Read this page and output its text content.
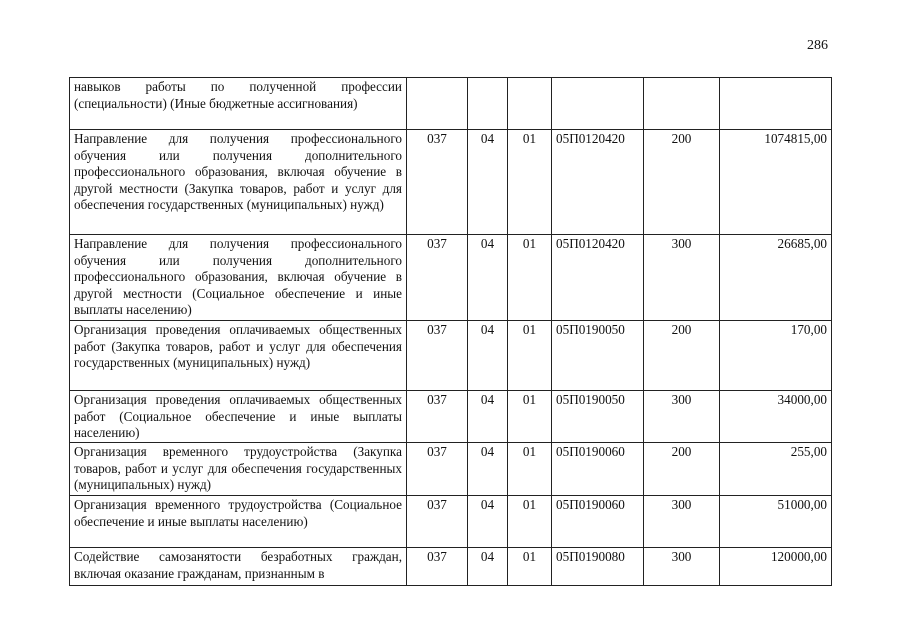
286
навыков работы по полученной профессии (специальности) (Иные бюджетные ассигнования)						
Направление для получения профессионального обучения или получения дополнительного профессионального образования, включая обучение в другой местности (Закупка товаров, работ и услуг для обеспечения государственных (муниципальных) нужд)	037	04	01	05П0120420	200	1074815,00
Направление для получения профессионального обучения или получения дополнительного профессионального образования, включая обучение в другой местности (Социальное обеспечение и иные выплаты населению)	037	04	01	05П0120420	300	26685,00
Организация проведения оплачиваемых общественных работ (Закупка товаров, работ и услуг для обеспечения государственных (муниципальных) нужд)	037	04	01	05П0190050	200	170,00
Организация проведения оплачиваемых общественных работ (Социальное обеспечение и иные выплаты населению)	037	04	01	05П0190050	300	34000,00
Организация временного трудоустройства (Закупка товаров, работ и услуг для обеспечения государственных (муниципальных) нужд)	037	04	01	05П0190060	200	255,00
Организация временного трудоустройства (Социальное обеспечение и иные выплаты населению)	037	04	01	05П0190060	300	51000,00
Содействие самозанятости безработных граждан, включая оказание гражданам, признанным в	037	04	01	05П0190080	300	120000,00
